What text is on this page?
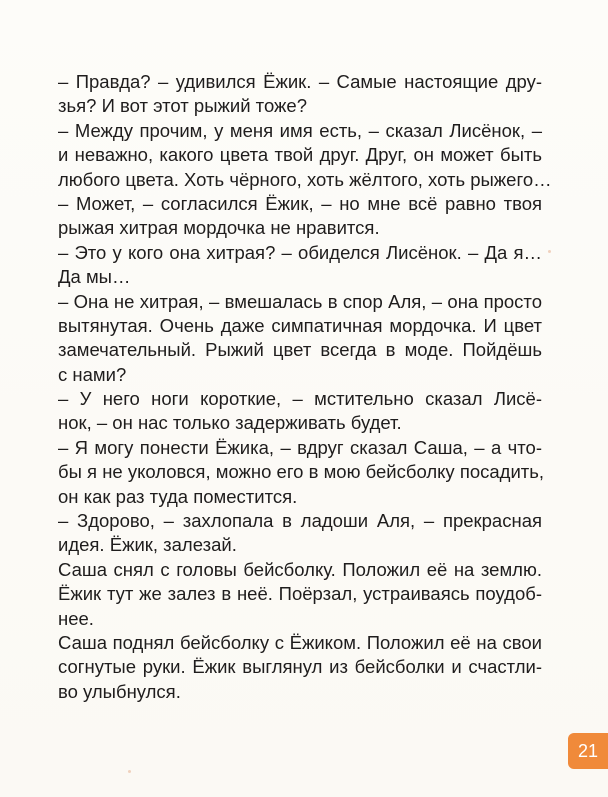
– Правда? – удивился Ёжик. – Самые настоящие дру-
зья? И вот этот рыжий тоже?
– Между прочим, у меня имя есть, – сказал Лисёнок, –
и неважно, какого цвета твой друг. Друг, он может быть
любого цвета. Хоть чёрного, хоть жёлтого, хоть рыжего…
– Может, – согласился Ёжик, – но мне всё равно твоя
рыжая хитрая мордочка не нравится.
– Это у кого она хитрая? – обиделся Лисёнок. – Да я…
Да мы…
– Она не хитрая, – вмешалась в спор Аля, – она просто
вытянутая. Очень даже симпатичная мордочка. И цвет
замечательный. Рыжий цвет всегда в моде. Пойдёшь
с нами?
– У него ноги короткие, – мстительно сказал Лисё-
нок, – он нас только задерживать будет.
– Я могу понести Ёжика, – вдруг сказал Саша, – а что-
бы я не уколовся, можно его в мою бейсболку посадить,
он как раз туда поместится.
– Здорово, – захлопала в ладоши Аля, – прекрасная
идея. Ёжик, залезай.
Саша снял с головы бейсболку. Положил её на землю.
Ёжик тут же залез в неё. Поёрзал, устраиваясь поудоб-
нее.
Саша поднял бейсболку с Ёжиком. Положил её на свои
согнутые руки. Ёжик выглянул из бейсболки и счастли-
во улыбнулся.
21
